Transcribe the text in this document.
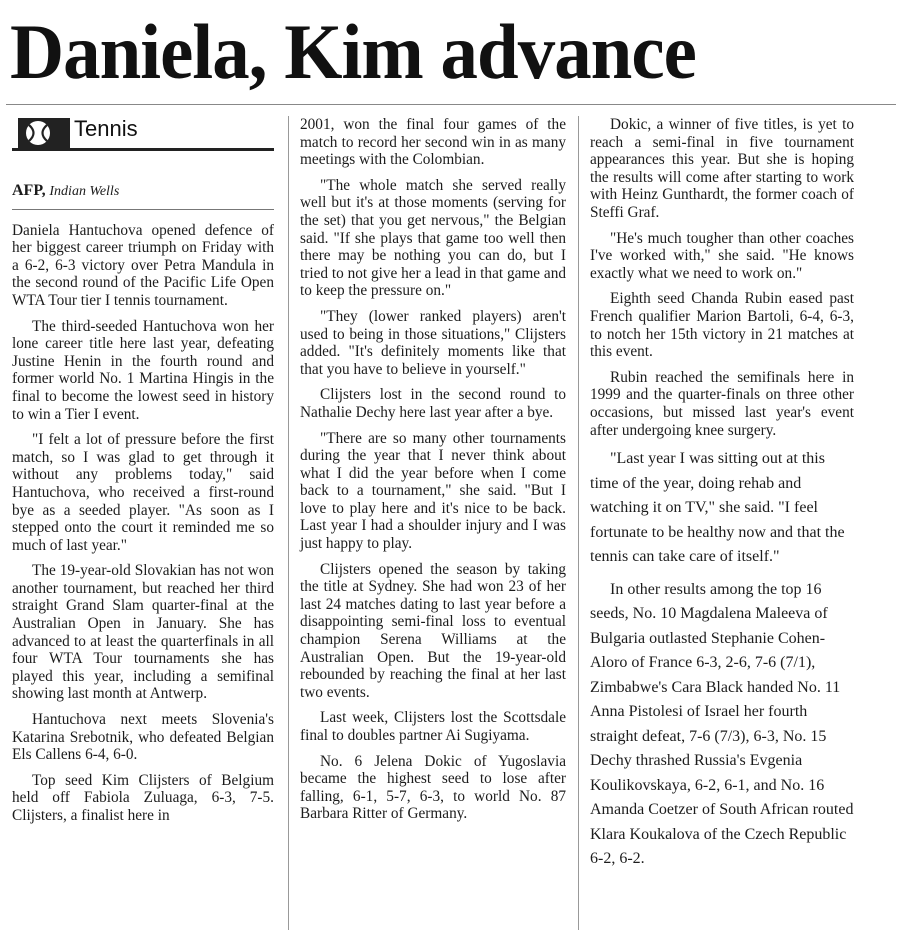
Daniela, Kim advance
Tennis

AFP, Indian Wells

Daniela Hantuchova opened defence of her biggest career triumph on Friday with a 6-2, 6-3 victory over Petra Mandula in the second round of the Pacific Life Open WTA Tour tier I tennis tournament.

The third-seeded Hantuchova won her lone career title here last year, defeating Justine Henin in the fourth round and former world No. 1 Martina Hingis in the final to become the lowest seed in history to win a Tier I event.

"I felt a lot of pressure before the first match, so I was glad to get through it without any problems today," said Hantuchova, who received a first-round bye as a seeded player. "As soon as I stepped onto the court it reminded me so much of last year."

The 19-year-old Slovakian has not won another tournament, but reached her third straight Grand Slam quarter-final at the Australian Open in January. She has advanced to at least the quarterfinals in all four WTA Tour tournaments she has played this year, including a semifinal showing last month at Antwerp.

Hantuchova next meets Slovenia's Katarina Srebotnik, who defeated Belgian Els Callens 6-4, 6-0.

Top seed Kim Clijsters of Belgium held off Fabiola Zuluaga, 6-3, 7-5. Clijsters, a finalist here in

2001, won the final four games of the match to record her second win in as many meetings with the Colombian.

"The whole match she served really well but it's at those moments (serving for the set) that you get nervous," the Belgian said. "If she plays that game too well then there may be nothing you can do, but I tried to not give her a lead in that game and to keep the pressure on."

"They (lower ranked players) aren't used to being in those situations," Clijsters added. "It's definitely moments like that that you have to believe in yourself."

Clijsters lost in the second round to Nathalie Dechy here last year after a bye.

"There are so many other tournaments during the year that I never think about what I did the year before when I come back to a tournament," she said. "But I love to play here and it's nice to be back. Last year I had a shoulder injury and I was just happy to play.

Clijsters opened the season by taking the title at Sydney. She had won 23 of her last 24 matches dating to last year before a disappointing semi-final loss to eventual champion Serena Williams at the Australian Open. But the 19-year-old rebounded by reaching the final at her last two events.

Last week, Clijsters lost the Scottsdale final to doubles partner Ai Sugiyama.

No. 6 Jelena Dokic of Yugoslavia became the highest seed to lose after falling, 6-1, 5-7, 6-3, to world No. 87 Barbara Ritter of Germany.

Dokic, a winner of five titles, is yet to reach a semi-final in five tournament appearances this year. But she is hoping the results will come after starting to work with Heinz Gunthardt, the former coach of Steffi Graf.

"He's much tougher than other coaches I've worked with," she said. "He knows exactly what we need to work on."

Eighth seed Chanda Rubin eased past French qualifier Marion Bartoli, 6-4, 6-3, to notch her 15th victory in 21 matches at this event.

Rubin reached the semifinals here in 1999 and the quarter-finals on three other occasions, but missed last year's event after undergoing knee surgery.

"Last year I was sitting out at this time of the year, doing rehab and watching it on TV," she said. "I feel fortunate to be healthy now and that the tennis can take care of itself."

In other results among the top 16 seeds, No. 10 Magdalena Maleeva of Bulgaria outlasted Stephanie Cohen-Aloro of France 6-3, 2-6, 7-6 (7/1), Zimbabwe's Cara Black handed No. 11 Anna Pistolesi of Israel her fourth straight defeat, 7-6 (7/3), 6-3, No. 15 Dechy thrashed Russia's Evgenia Koulikovskaya, 6-2, 6-1, and No. 16 Amanda Coetzer of South African routed Klara Koukalova of the Czech Republic 6-2, 6-2.
